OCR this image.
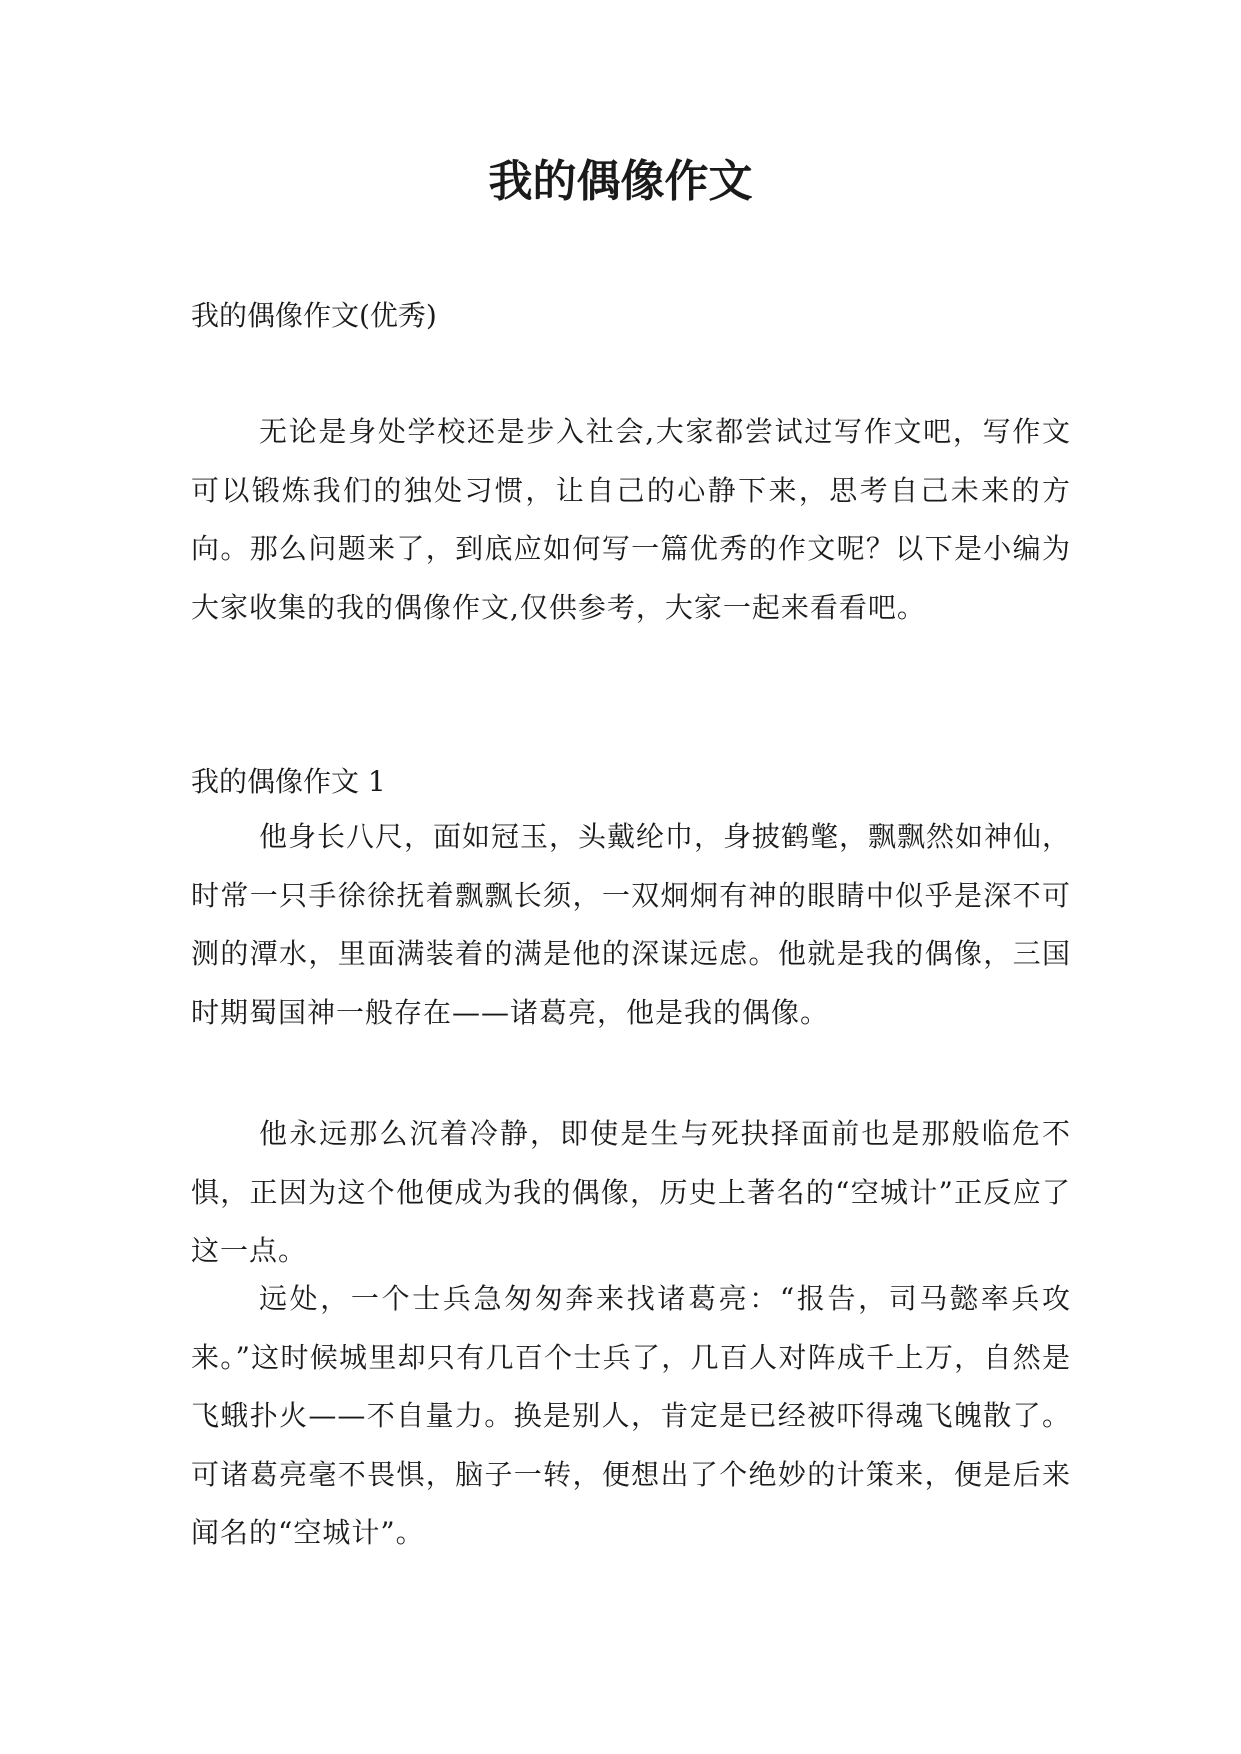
我的偶像作文

我的偶像作文(优秀)

无论是身处学校还是步入社会,大家都尝试过写作文吧，写作文可以锻炼我们的独处习惯，让自己的心静下来，思考自己未来的方向。那么问题来了，到底应如何写一篇优秀的作文呢？以下是小编为大家收集的我的偶像作文,仅供参考，大家一起来看看吧。

我的偶像作文 1

他身长八尺，面如冠玉，头戴纶巾，身披鹤氅，飘飘然如神仙，时常一只手徐徐抚着飘飘长须，一双炯炯有神的眼睛中似乎是深不可测的潭水，里面满装着的满是他的深谋远虑。他就是我的偶像，三国时期蜀国神一般存在——诸葛亮，他是我的偶像。

他永远那么沉着冷静，即使是生与死抉择面前也是那般临危不惧，正因为这个他便成为我的偶像，历史上著名的“空城计”正反应了这一点。

远处，一个士兵急匆匆奔来找诸葛亮：“报告，司马懿率兵攻来。”这时候城里却只有几百个士兵了，几百人对阵成千上万，自然是飞蛾扑火——不自量力。换是别人，肯定是已经被吓得魂飞魄散了。可诸葛亮毫不畏惧，脑子一转，便想出了个绝妙的计策来，便是后来闻名的“空城计”。
